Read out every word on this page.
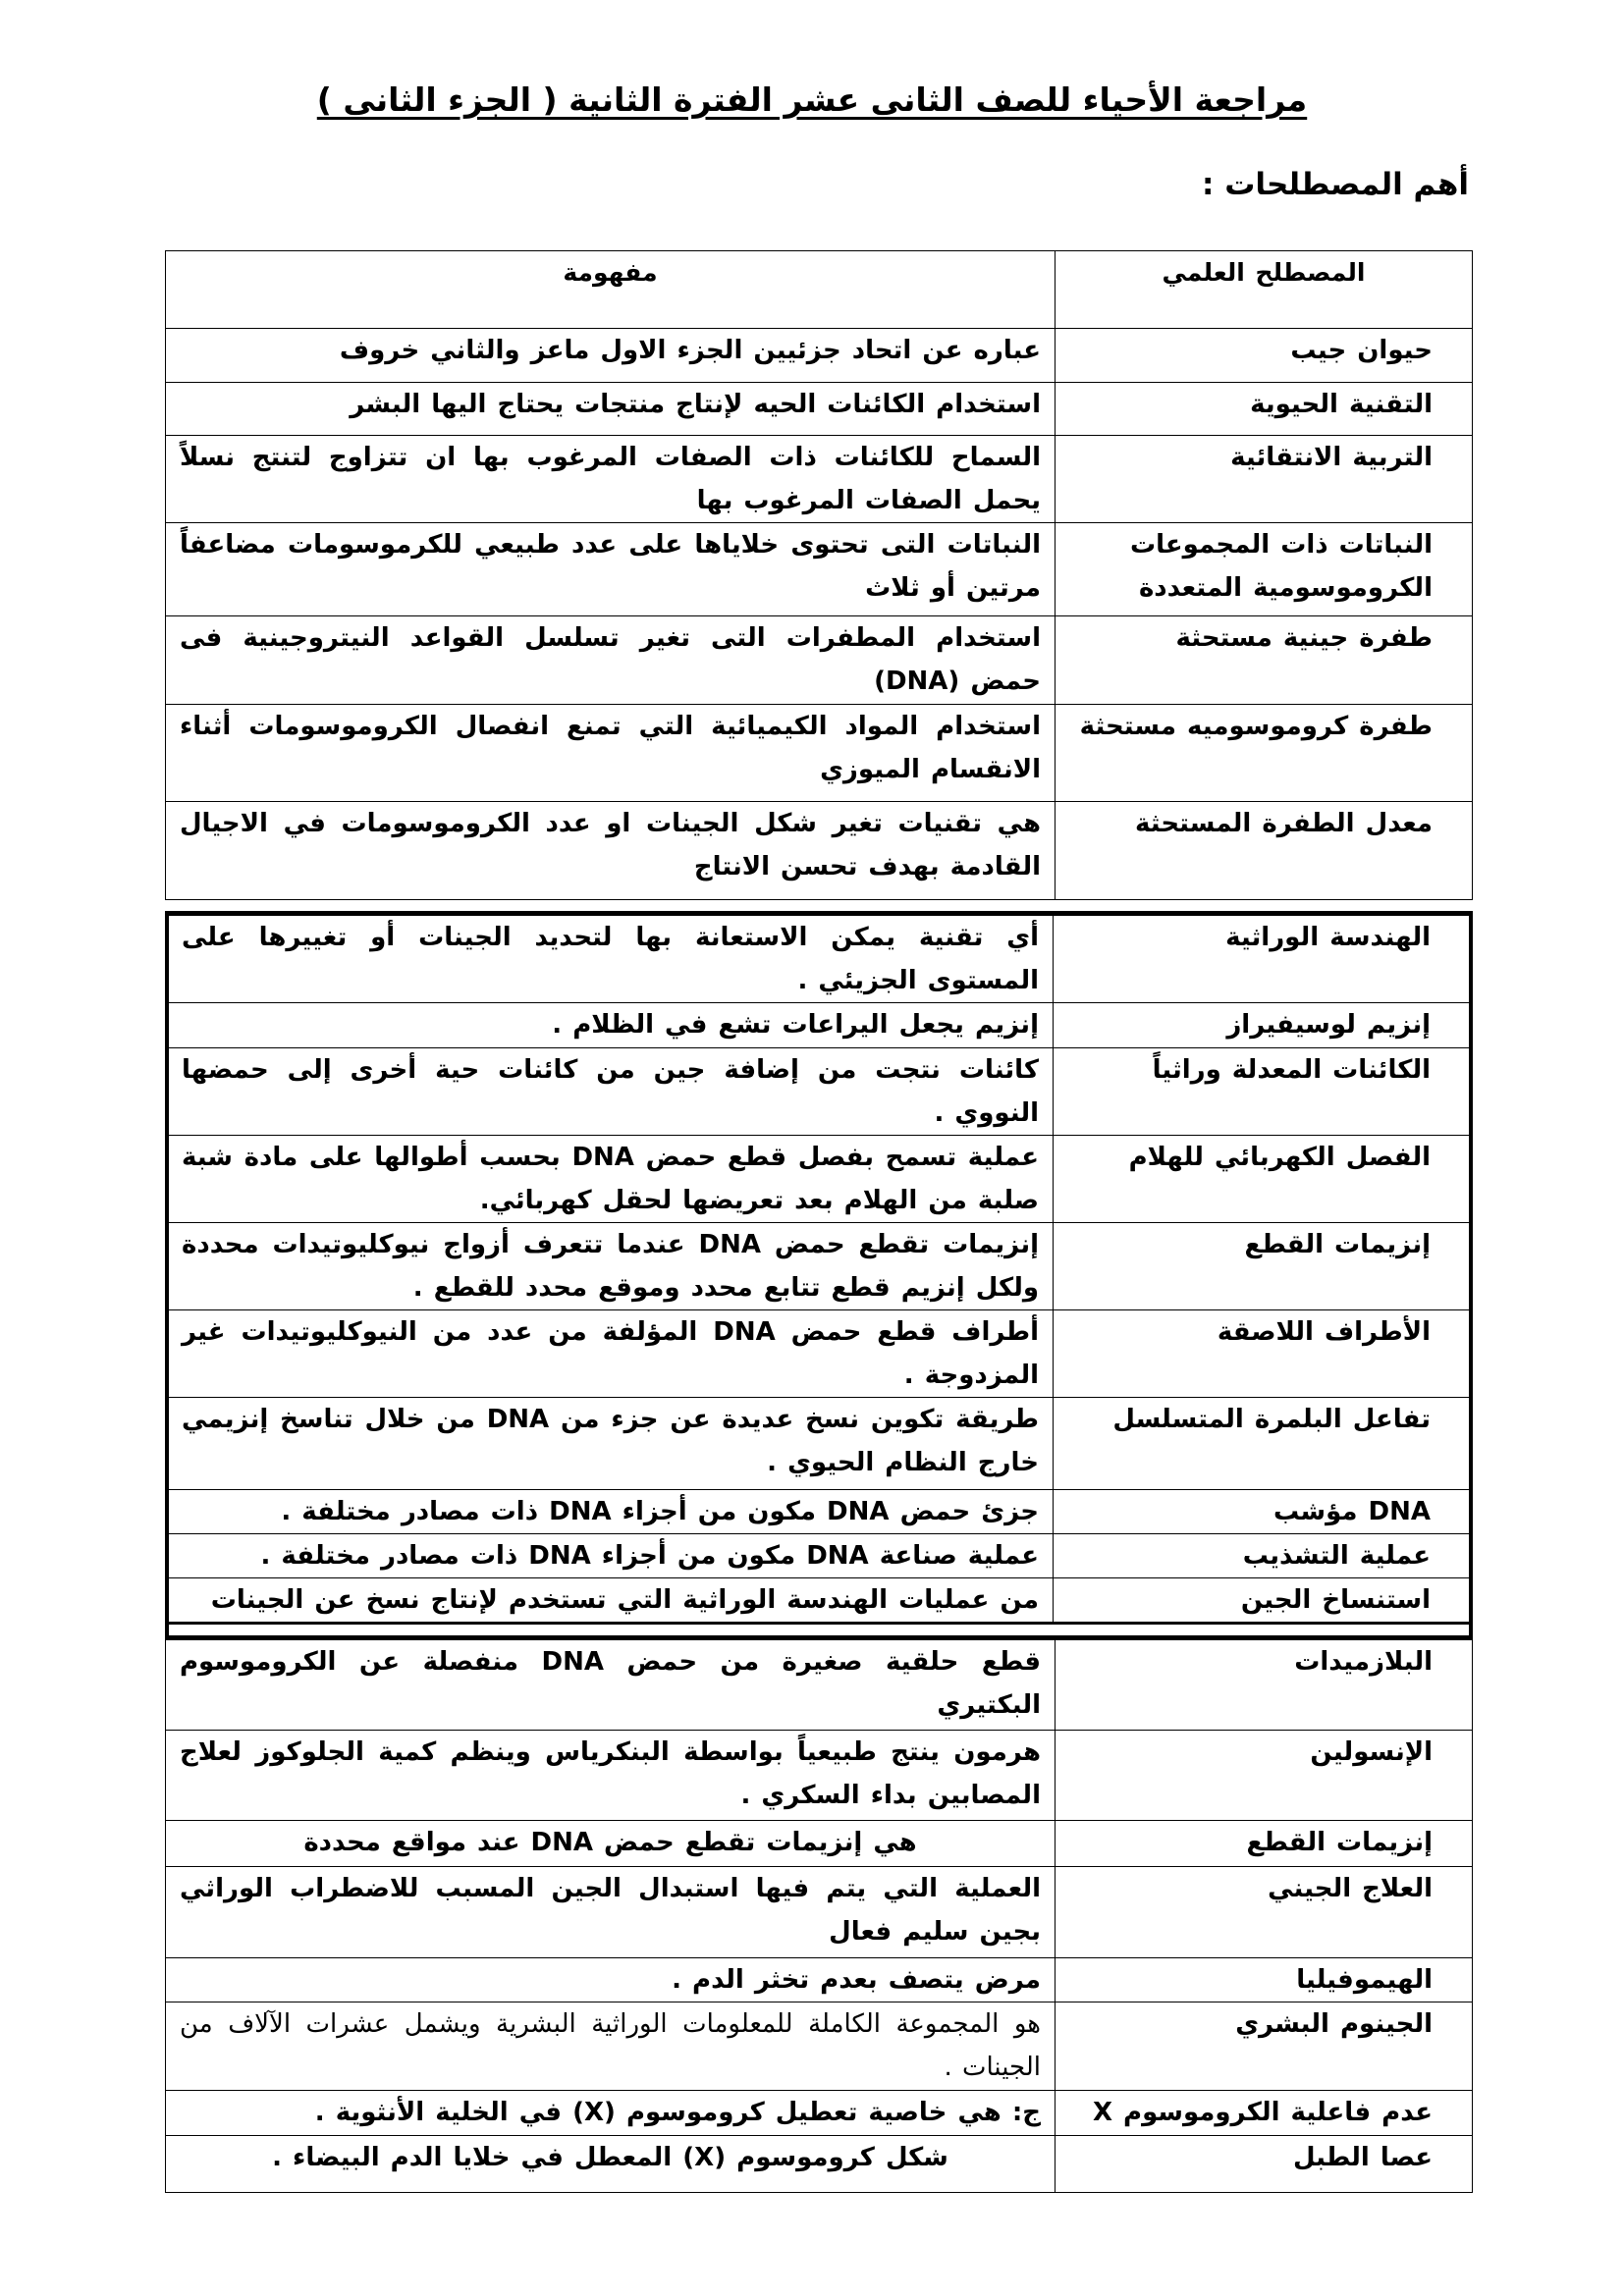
مراجعة الأحياء للصف الثانى عشر الفترة الثانية ( الجزء الثانى )
أهم المصطلحات :
المصطلح العلمي	مفهومة
حيوان جيب	عباره عن اتحاد جزئيين الجزء الاول ماعز والثاني خروف
التقنية الحيوية	استخدام الكائنات الحيه لإنتاج منتجات يحتاج اليها البشر
التربية الانتقائية	السماح للكائنات ذات الصفات المرغوب بها ان تتزاوج لتنتج نسلاً يحمل الصفات المرغوب بها
النباتات ذات المجموعات الكروموسومية المتعددة	النباتات التى تحتوى خلاياها على عدد طبيعي للكرموسومات مضاعفاً مرتين أو ثلاث
طفرة جينية مستحثة	استخدام المطفرات التى تغير تسلسل القواعد النيتروجينية فى حمض (DNA)
طفرة كروموسوميه مستحثة	استخدام المواد الكيميائية التي تمنع انفصال الكروموسومات أثناء الانقسام الميوزي
معدل الطفرة المستحثة	هي تقنيات تغير شكل الجينات او عدد الكروموسومات في الاجيال القادمة بهدف تحسن الانتاج
الهندسة الوراثية	أي تقنية يمكن الاستعانة بها لتحديد الجينات أو تغييرها على المستوى الجزيئي .
إنزيم لوسيفيراز	إنزيم يجعل اليراعات تشع في الظلام .
الكائنات المعدلة وراثياً	كائنات نتجت من إضافة جين من كائنات حية أخرى إلى حمضها النووي .
الفصل الكهربائي للهلام	عملية تسمح بفصل قطع حمض DNA بحسب أطوالها على مادة شبة صلبة من الهلام بعد تعريضها لحقل كهربائي.
إنزيمات القطع	إنزيمات تقطع حمض DNA عندما تتعرف أزواج نيوكليوتيدات محددة ولكل إنزيم قطع تتابع محدد وموقع محدد للقطع .
الأطراف اللاصقة	أطراف قطع حمض DNA المؤلفة من عدد من النيوكليوتيدات غير المزدوجة .
تفاعل البلمرة المتسلسل	طريقة تكوين نسخ عديدة عن جزء من DNA من خلال تناسخ إنزيمي خارج النظام الحيوي .
DNA مؤشب	جزئ حمض DNA مكون من أجزاء DNA ذات مصادر مختلفة .
عملية التشذيب	عملية صناعة DNA مكون من أجزاء DNA ذات مصادر مختلفة .
استنساخ الجين	من عمليات الهندسة الوراثية التي تستخدم لإنتاج نسخ عن الجينات
البلازميدات	قطع حلقية صغيرة من حمض DNA منفصلة عن الكروموسوم البكتيري
الإنسولين	هرمون ينتج طبيعياً بواسطة البنكرياس وينظم كمية الجلوكوز لعلاج المصابين بداء السكري .
إنزيمات القطع	هي إنزيمات تقطع حمض DNA عند مواقع محددة
العلاج الجيني	العملية التي يتم فيها استبدال الجين المسبب للاضطراب الوراثي بجين سليم فعال
الهيموفيليا	مرض يتصف بعدم تخثر الدم .
الجينوم البشري	هو المجموعة الكاملة للمعلومات الوراثية البشرية ويشمل عشرات الآلاف من الجينات .
عدم فاعلية الكروموسوم X	ج: هي خاصية تعطيل كروموسوم (X) في الخلية الأنثوية .
عصا الطبل	شكل كروموسوم (X) المعطل في خلايا الدم البيضاء .
